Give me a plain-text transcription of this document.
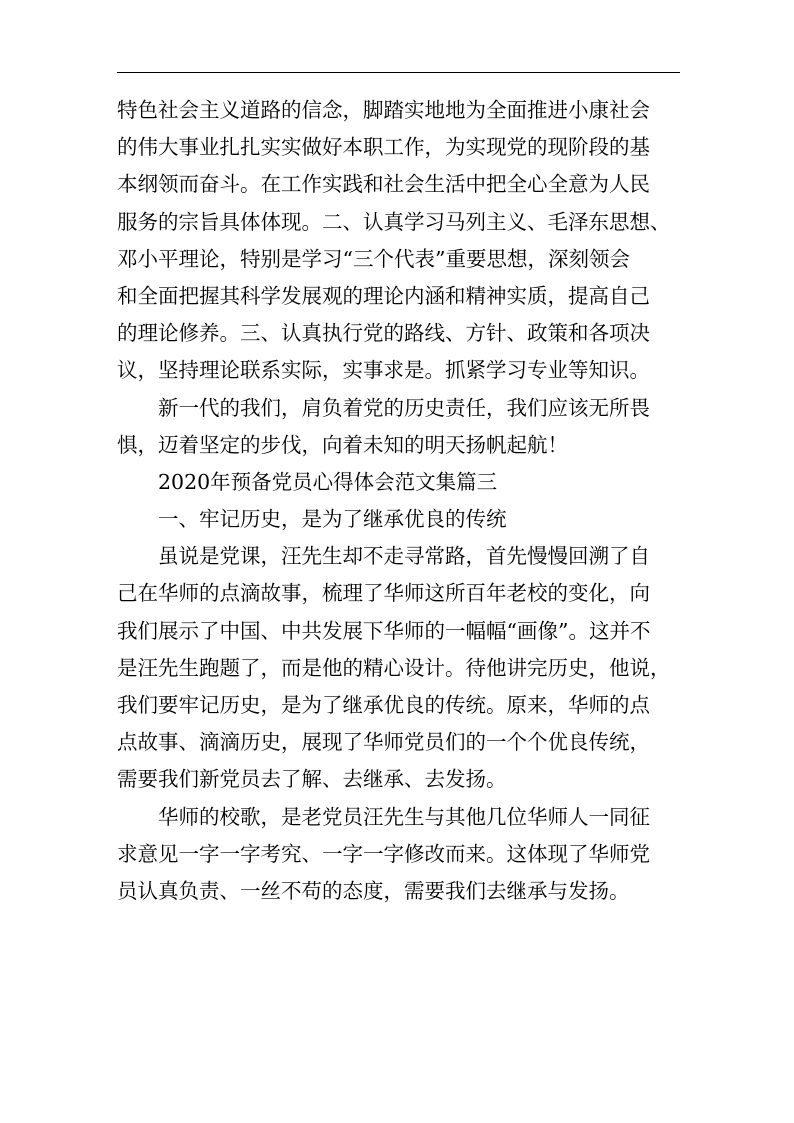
特色社会主义道路的信念，脚踏实地地为全面推进小康社会
的伟大事业扎扎实实做好本职工作，为实现党的现阶段的基
本纲领而奋斗。在工作实践和社会生活中把全心全意为人民
服务的宗旨具体体现。二、认真学习马列主义、毛泽东思想、
邓小平理论，特别是学习“三个代表”重要思想，深刻领会
和全面把握其科学发展观的理论内涵和精神实质，提高自己
的理论修养。三、认真执行党的路线、方针、政策和各项决
议，坚持理论联系实际，实事求是。抓紧学习专业等知识。
新一代的我们，肩负着党的历史责任，我们应该无所畏
惧，迈着坚定的步伐，向着未知的明天扬帆起航！
2020年预备党员心得体会范文集篇三
一、牢记历史，是为了继承优良的传统
虽说是党课，汪先生却不走寻常路，首先慢慢回溯了自
己在华师的点滴故事，梳理了华师这所百年老校的变化，向
我们展示了中国、中共发展下华师的一幅幅“画像”。这并不
是汪先生跑题了，而是他的精心设计。待他讲完历史，他说，
我们要牢记历史，是为了继承优良的传统。原来，华师的点
点故事、滴滴历史，展现了华师党员们的一个个优良传统，
需要我们新党员去了解、去继承、去发扬。
华师的校歌，是老党员汪先生与其他几位华师人一同征
求意见一字一字考究、一字一字修改而来。这体现了华师党
员认真负责、一丝不苟的态度，需要我们去继承与发扬。
